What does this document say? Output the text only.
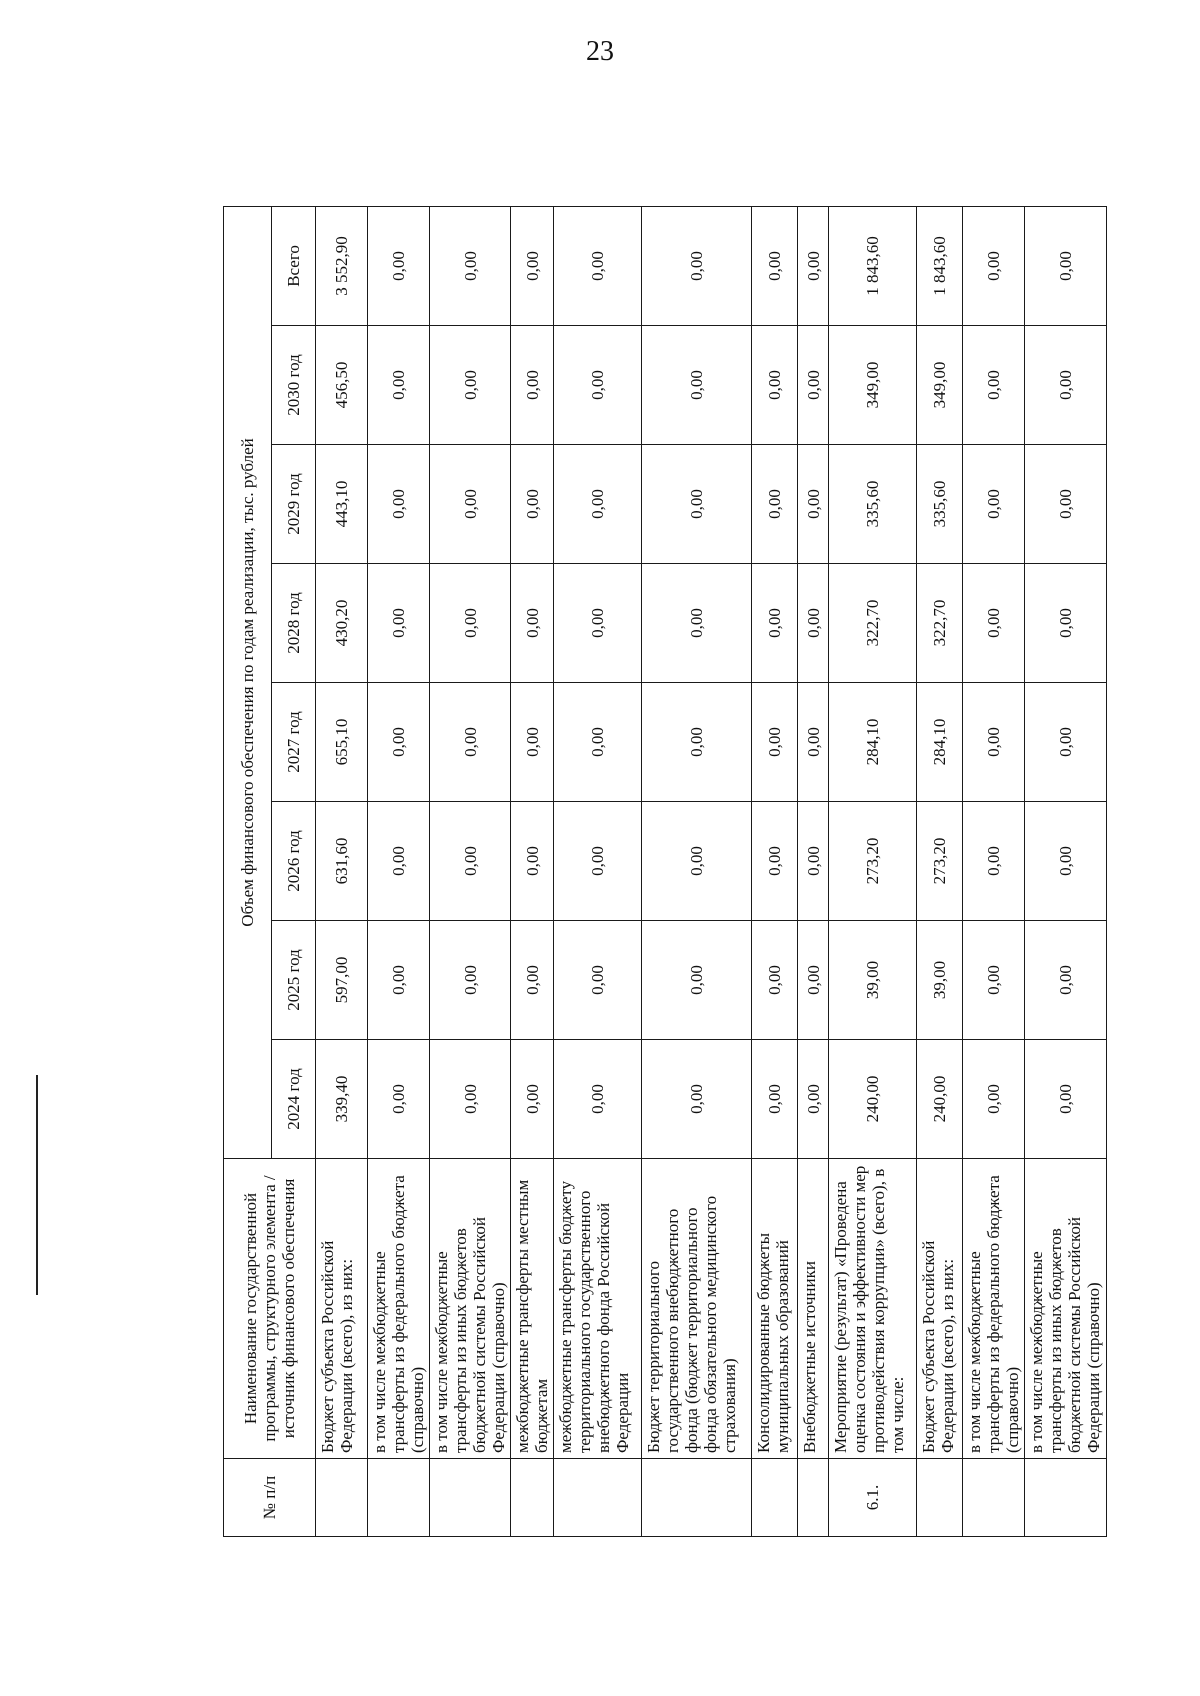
23
№ п/п	Наименование государственной программы, структурного элемента / источник финансового обеспечения	Объем финансового обеспечения по годам реализации, тыс. рублей							
		2024 год	2025 год	2026 год	2027 год	2028 год	2029 год	2030 год	Всего
	Бюджет субъекта Российской Федерации (всего), из них:	339,40	597,00	631,60	655,10	430,20	443,10	456,50	3 552,90
	в том числе межбюджетные трансферты из федерального бюджета (справочно)	0,00	0,00	0,00	0,00	0,00	0,00	0,00	0,00
	в том числе межбюджетные трансферты из иных бюджетов бюджетной системы Российской Федерации (справочно)	0,00	0,00	0,00	0,00	0,00	0,00	0,00	0,00
	межбюджетные трансферты местным бюджетам	0,00	0,00	0,00	0,00	0,00	0,00	0,00	0,00
	межбюджетные трансферты бюджету территориального государственного внебюджетного фонда Российской Федерации	0,00	0,00	0,00	0,00	0,00	0,00	0,00	0,00
	Бюджет территориального государственного внебюджетного фонда (бюджет территориального фонда обязательного медицинского страхования)	0,00	0,00	0,00	0,00	0,00	0,00	0,00	0,00
	Консолидированные бюджеты муниципальных образований	0,00	0,00	0,00	0,00	0,00	0,00	0,00	0,00
	Внебюджетные источники	0,00	0,00	0,00	0,00	0,00	0,00	0,00	0,00
6.1.	Мероприятие (результат) «Проведена оценка состояния и эффективности мер противодействия коррупции» (всего), в том числе:	240,00	39,00	273,20	284,10	322,70	335,60	349,00	1 843,60
	Бюджет субъекта Российской Федерации (всего), из них:	240,00	39,00	273,20	284,10	322,70	335,60	349,00	1 843,60
	в том числе межбюджетные трансферты из федерального бюджета (справочно)	0,00	0,00	0,00	0,00	0,00	0,00	0,00	0,00
	в том числе межбюджетные трансферты из иных бюджетов бюджетной системы Российской Федерации (справочно)	0,00	0,00	0,00	0,00	0,00	0,00	0,00	0,00
